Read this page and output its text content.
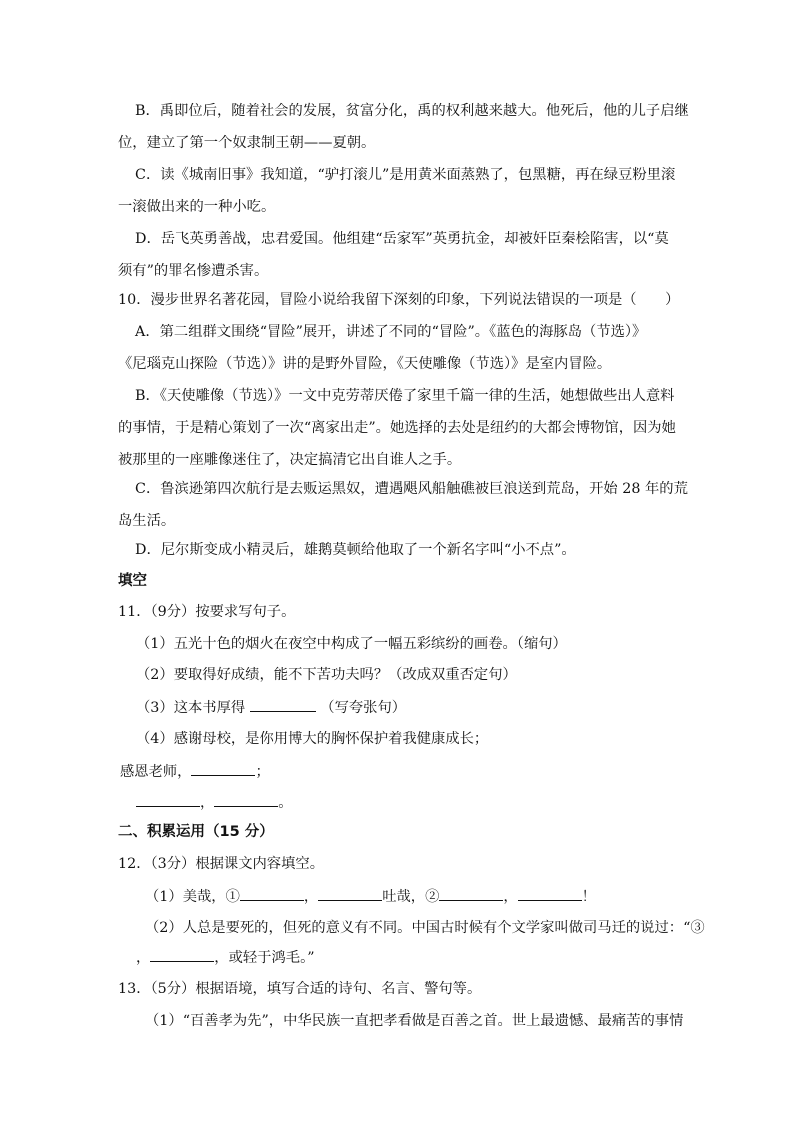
B．禹即位后，随着社会的发展，贫富分化，禹的权利越来越大。他死后，他的儿子启继
位，建立了第一个奴隶制王朝——夏朝。
C．读《城南旧事》我知道，“驴打滚儿”是用黄米面蒸熟了，包黑糖，再在绿豆粉里滚
一滚做出来的一种小吃。
D．岳飞英勇善战，忠君爱国。他组建“岳家军”英勇抗金，却被奸臣秦桧陷害，以“莫
须有”的罪名惨遭杀害。
10．漫步世界名著花园，冒险小说给我留下深刻的印象，下列说法错误的一项是（　　）
A．第二组群文围绕“冒险”展开，讲述了不同的“冒险”。《蓝色的海豚岛（节选）》
《尼瑙克山探险（节选）》讲的是野外冒险，《天使雕像（节选）》是室内冒险。
B．《天使雕像（节选）》一文中克劳蒂厌倦了家里千篇一律的生活，她想做些出人意料
的事情，于是精心策划了一次“离家出走”。她选择的去处是纽约的大都会博物馆，因为她
被那里的一座雕像迷住了，决定搞清它出自谁人之手。
C．鲁滨逊第四次航行是去贩运黑奴，遭遇飓风船触礁被巨浪送到荒岛，开始 28 年的荒
岛生活。
D．尼尔斯变成小精灵后，雄鹅莫顿给他取了一个新名字叫“小不点”。
填空
11．（9分）按要求写句子。
（1）五光十色的烟火在夜空中构成了一幅五彩缤纷的画卷。（缩句）
（2）要取得好成绩，能不下苦功夫吗？（改成双重否定句）
（3）这本书厚得	（写夸张句）
（4）感谢母校，是你用博大的胸怀保护着我健康成长；
感恩老师，	；
，	。
二、积累运用（15 分）
12．（3分）根据课文内容填空。
（1）美哉，①	，	吐哉，②	，	！
（2）人总是要死的，但死的意义有不同。中国古时候有个文学家叫做司马迁的说过：“③
，	，或轻于鸿毛。”
13．（5分）根据语境，填写合适的诗句、名言、警句等。
（1）“百善孝为先”，中华民族一直把孝看做是百善之首。世上最遗憾、最痛苦的事情
